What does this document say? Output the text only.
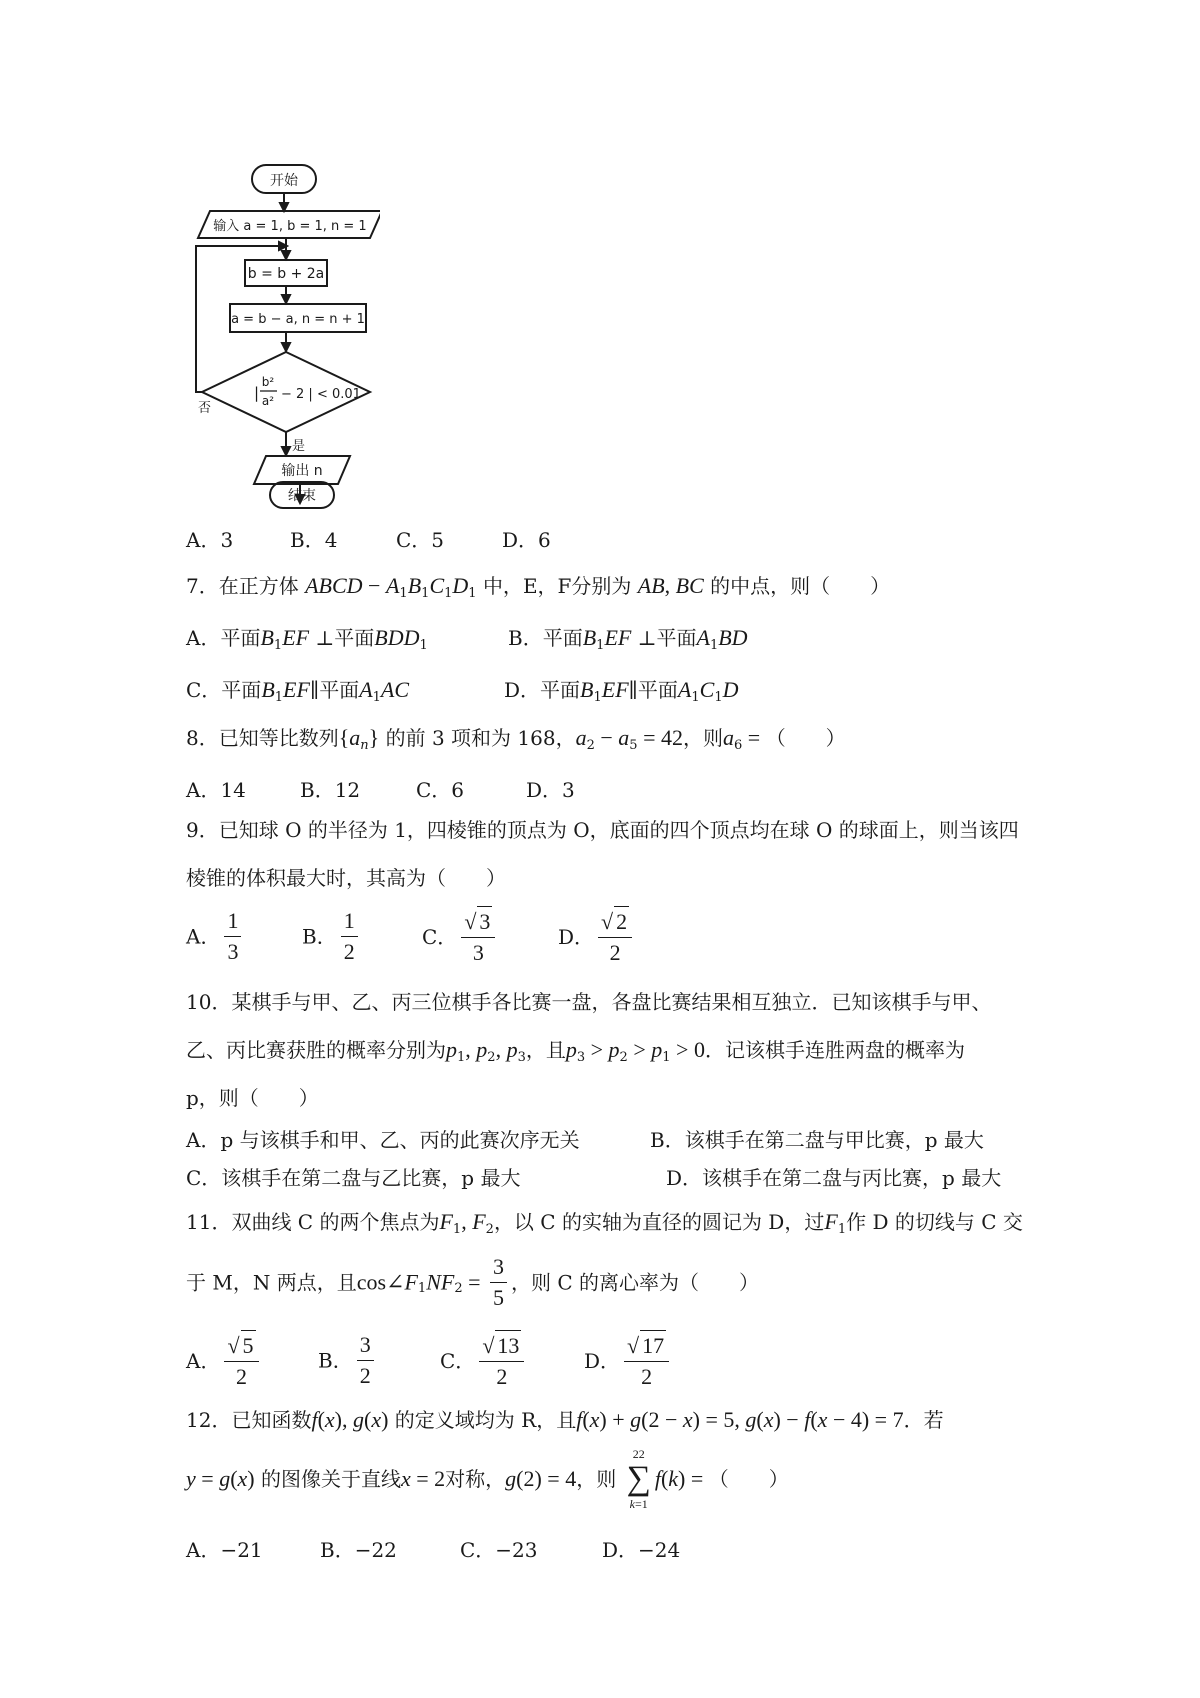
开始
输入 a = 1, b = 1, n = 1
b = b + 2a
a = b − a, n = n + 1
|
b²
a² − 2 | < 0.01
否
是
输出 n
结束
A．3	B．4	C．5	D．6
7．在正方体 ABCD − $A_1B_1C_1D_1$ 中，E，F分别为 AB, BC 的中点，则（　　）
A．平面$B_1EF$ ⊥平面$BDD_1$	B．平面$B_1EF$ ⊥平面$A_1BD$
C．平面$B_1EF\parallel$平面$A_1AC$	D．平面$B_1EF\parallel$平面$A_1C_1D$
8．已知等比数列$\{a_n\}$ 的前 3 项和为 168，$a_2 - a_5 = 42$，则$a_6$ = （　　）
A．14	B．12	C．6	D．3
9．已知球 O 的半径为 1，四棱锥的顶点为 O，底面的四个顶点均在球 O 的球面上，则当该四
棱锥的体积最大时，其高为（　　）
A． $\frac{1}{3}$	B． $\frac{1}{2}$	C． $\frac{√ 3}{3}$	D． $\frac{√ 2}{2}$
10．某棋手与甲、乙、丙三位棋手各比赛一盘，各盘比赛结果相互独立．已知该棋手与甲、
乙、丙比赛获胜的概率分别为$p_1$, $p_2$, $p_3$，且$p_3 > p_2 > p_1 > 0$．记该棋手连胜两盘的概率为
p，则（　　）
A．p 与该棋手和甲、乙、丙的此赛次序无关	B．该棋手在第二盘与甲比赛，p 最大
C．该棋手在第二盘与乙比赛，p 最大	D．该棋手在第二盘与丙比赛，p 最大
11．双曲线 C 的两个焦点为$F_1$, $F_2$，以 C 的实轴为直径的圆记为 D，过$F_1$作 D 的切线与 C 交
于 M，N 两点，且$\cos\angle F_1NF_2 = \frac{3}{5}$ ，则 C 的离心率为（　　）
A． $\frac{√ 5}{2}$	B． $\frac{3}{2}$	C． $\frac{√ 13}{2}$	D． $\frac{√ 17}{2}$
12．已知函数f(x), g(x) 的定义域均为 R，且f(x) + g(2 − x) = 5, g(x) − f(x − 4) = 7．若
y = g(x) 的图像关于直线x = 2对称，g(2) = 4，则
22
∑
k=1
f(k) = （　　）
A．−21	B．−22	C．−23	D．−24
